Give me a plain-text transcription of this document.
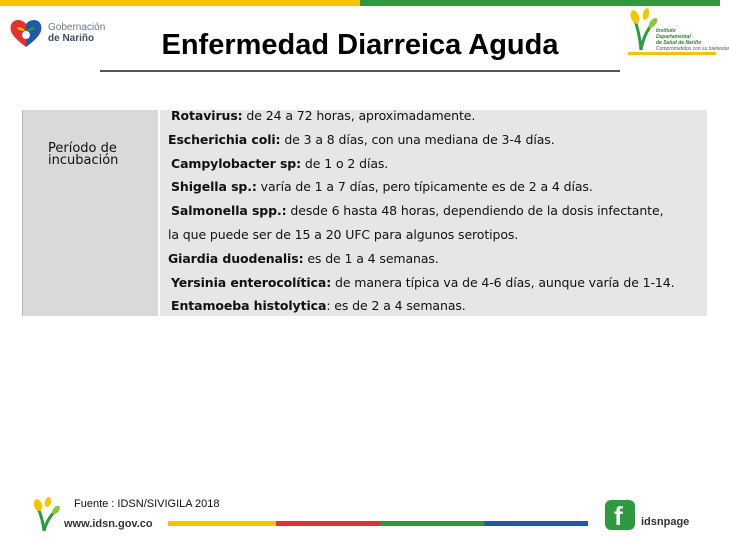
Gobernación
de Nariño	Enfermedad Diarreica Aguda	Instituto
Departamental
de Salud de Nariño
Comprometidos con su bienestar
Período de incubación
Rotavirus: de 24 a 72 horas, aproximadamente.
Escherichia coli: de 3 a 8 días, con una mediana de 3-4 días.
Campylobacter sp: de 1 o 2 días.
Shigella sp.: varía de 1 a 7 días, pero típicamente es de 2 a 4 días.
Salmonella spp.: desde 6 hasta 48 horas, dependiendo de la dosis infectante,
la que puede ser de 15 a 20 UFC para algunos serotipos.
Giardia duodenalis: es de 1 a 4 semanas.
Yersinia enterocolítica: de manera típica va de 4-6 días, aunque varía de 1-14.
Entamoeba histolytica: es de 2 a 4 semanas.
Fuente : IDSN/SIVIGILA 2018
www.idsn.gov.co	f idsnpage
